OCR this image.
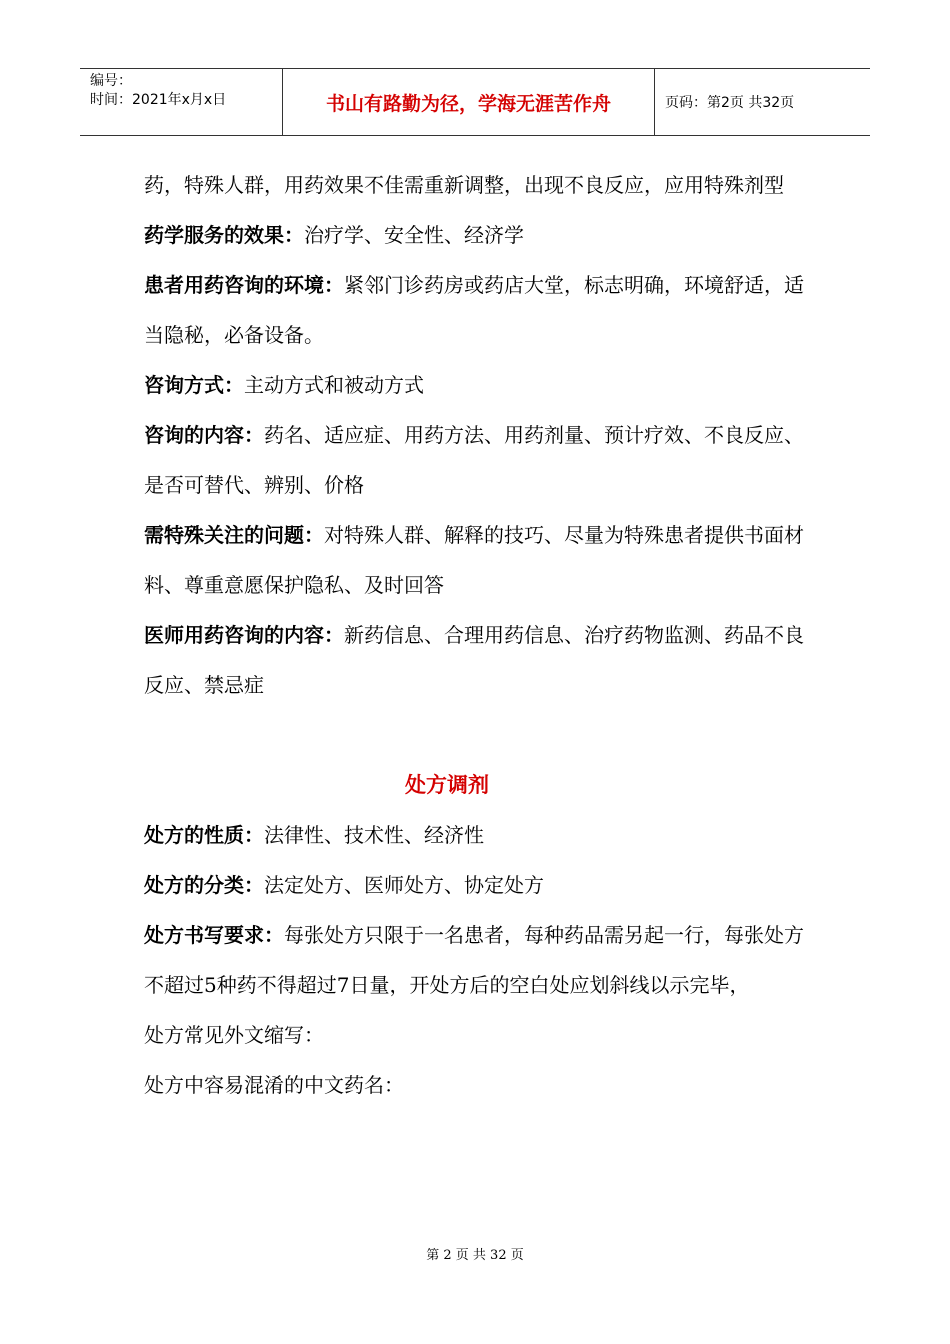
编号：
时间：2021年x月x日	书山有路勤为径，学海无涯苦作舟	页码：第2页 共32页

药，特殊人群，用药效果不佳需重新调整，出现不良反应，应用特殊剂型

药学服务的效果：治疗学、安全性、经济学

患者用药咨询的环境：紧邻门诊药房或药店大堂，标志明确，环境舒适，适当隐秘，必备设备。

咨询方式：主动方式和被动方式

咨询的内容：药名、适应症、用药方法、用药剂量、预计疗效、不良反应、是否可替代、辨别、价格

需特殊关注的问题：对特殊人群、解释的技巧、尽量为特殊患者提供书面材料、尊重意愿保护隐私、及时回答

医师用药咨询的内容：新药信息、合理用药信息、治疗药物监测、药品不良反应、禁忌症

处方调剂

处方的性质：法律性、技术性、经济性

处方的分类：法定处方、医师处方、协定处方

处方书写要求：每张处方只限于一名患者，每种药品需另起一行，每张处方不超过5种药不得超过7日量，开处方后的空白处应划斜线以示完毕，

处方常见外文缩写：

处方中容易混淆的中文药名：

第 2 页 共 32 页
